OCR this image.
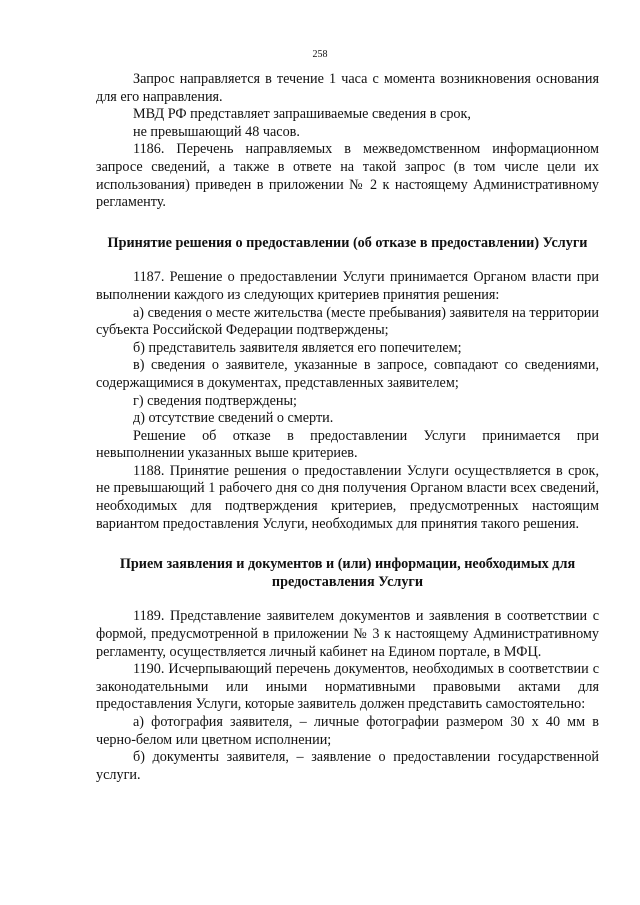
258

Запрос направляется в течение 1 часа с момента возникновения основания для его направления.

МВД РФ представляет запрашиваемые сведения в срок,

не превышающий 48 часов.

1186. Перечень направляемых в межведомственном информационном запросе сведений, а также в ответе на такой запрос (в том числе цели их использования) приведен в приложении № 2 к настоящему Административному регламенту.

Принятие решения о предоставлении (об отказе в предоставлении) Услуги

1187. Решение о предоставлении Услуги принимается Органом власти при выполнении каждого из следующих критериев принятия решения:

а) сведения о месте жительства (месте пребывания) заявителя на территории субъекта Российской Федерации подтверждены;

б) представитель заявителя является его попечителем;

в) сведения о заявителе, указанные в запросе, совпадают со сведениями, содержащимися в документах, представленных заявителем;

г) сведения подтверждены;

д) отсутствие сведений о смерти.

Решение об отказе в предоставлении Услуги принимается при невыполнении указанных выше критериев.

1188. Принятие решения о предоставлении Услуги осуществляется в срок, не превышающий 1 рабочего дня со дня получения Органом власти всех сведений, необходимых для подтверждения критериев, предусмотренных настоящим вариантом предоставления Услуги, необходимых для принятия такого решения.

Прием заявления и документов и (или) информации, необходимых для предоставления Услуги

1189. Представление заявителем документов и заявления в соответствии с формой, предусмотренной в приложении № 3 к настоящему Административному регламенту, осуществляется личный кабинет на Едином портале, в МФЦ.

1190. Исчерпывающий перечень документов, необходимых в соответствии с законодательными или иными нормативными правовыми актами для предоставления Услуги, которые заявитель должен представить самостоятельно:

а) фотография заявителя, – личные фотографии размером 30 х 40 мм в черно-белом или цветном исполнении;

б) документы заявителя, – заявление о предоставлении государственной услуги.
